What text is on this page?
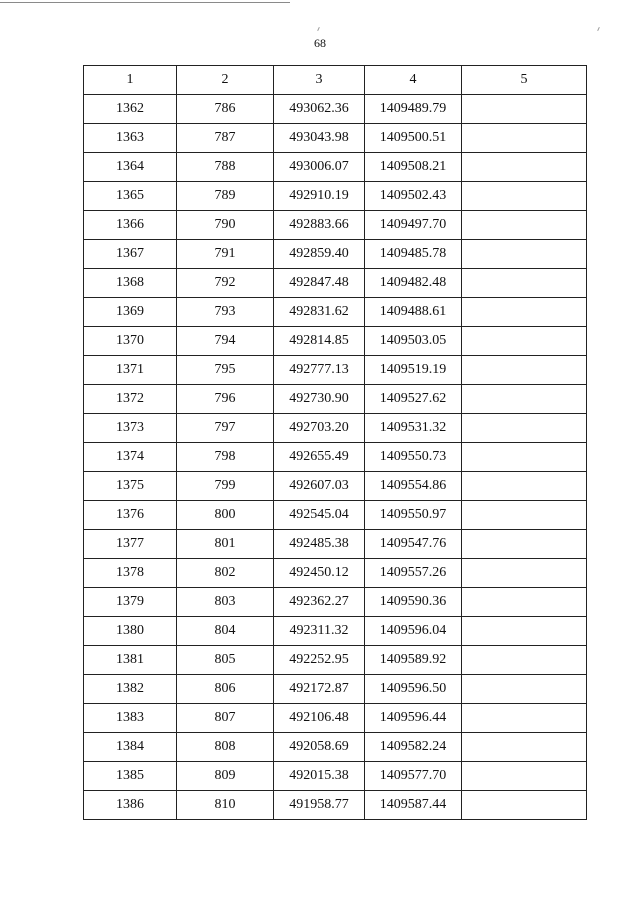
68
1	2	3	4	5
1362	786	493062.36	1409489.79	
1363	787	493043.98	1409500.51	
1364	788	493006.07	1409508.21	
1365	789	492910.19	1409502.43	
1366	790	492883.66	1409497.70	
1367	791	492859.40	1409485.78	
1368	792	492847.48	1409482.48	
1369	793	492831.62	1409488.61	
1370	794	492814.85	1409503.05	
1371	795	492777.13	1409519.19	
1372	796	492730.90	1409527.62	
1373	797	492703.20	1409531.32	
1374	798	492655.49	1409550.73	
1375	799	492607.03	1409554.86	
1376	800	492545.04	1409550.97	
1377	801	492485.38	1409547.76	
1378	802	492450.12	1409557.26	
1379	803	492362.27	1409590.36	
1380	804	492311.32	1409596.04	
1381	805	492252.95	1409589.92	
1382	806	492172.87	1409596.50	
1383	807	492106.48	1409596.44	
1384	808	492058.69	1409582.24	
1385	809	492015.38	1409577.70	
1386	810	491958.77	1409587.44	
